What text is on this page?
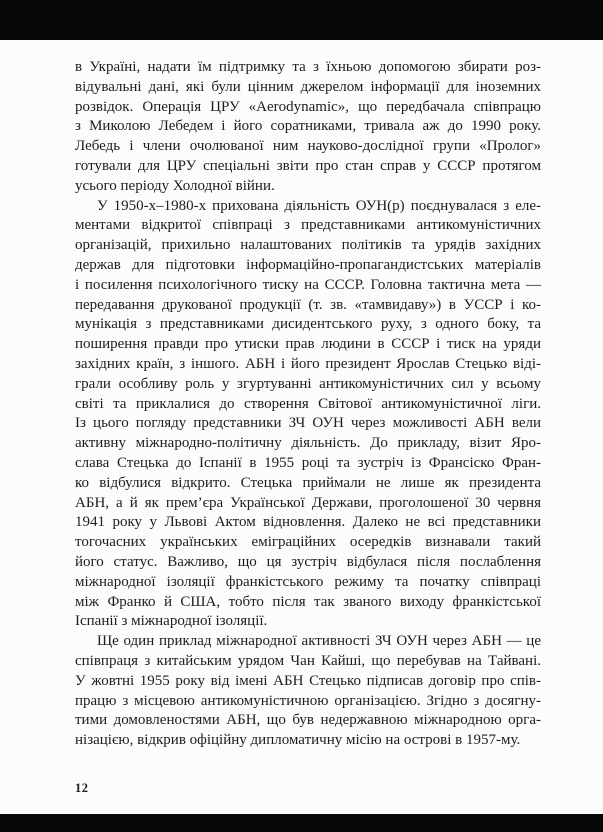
в Україні, надати їм підтримку та з їхньою допомогою збирати роз-
відувальні дані, які були цінним джерелом інформації для іноземних
розвідок. Операція ЦРУ «Aerodynamic», що передбачала співпрацю
з Миколою Лебедем і його соратниками, тривала аж до 1990 року.
Лебедь і члени очолюваної ним науково-дослідної групи «Пролог»
готували для ЦРУ спеціальні звіти про стан справ у СССР протягом
усього періоду Холодної війни.

У 1950-х–1980-х прихована діяльність ОУН(р) поєднувалася з еле-
ментами відкритої співпраці з представниками антикомуністичних
організацій, прихильно налаштованих політиків та урядів західних
держав для підготовки інформаційно-пропагандистських матеріалів
і посилення психологічного тиску на СССР. Головна тактична мета —
передавання друкованої продукції (т. зв. «тамвидаву») в УССР і ко-
мунікація з представниками дисидентського руху, з одного боку, та
поширення правди про утиски прав людини в СССР і тиск на уряди
західних країн, з іншого. АБН і його президент Ярослав Стецько віді-
грали особливу роль у згуртуванні антикомуністичних сил у всьому
світі та приклалися до створення Світової антикомуністичної ліги.
Із цього погляду представники ЗЧ ОУН через можливості АБН вели
активну міжнародно-політичну діяльність. До прикладу, візит Яро-
слава Стецька до Іспанії в 1955 році та зустріч із Франсіско Фран-
ко відбулися відкрито. Стецька приймали не лише як президента
АБН, а й як прем’єра Української Держави, проголошеної 30 червня
1941 року у Львові Актом відновлення. Далеко не всі представники
тогочасних українських еміграційних осередків визнавали такий
його статус. Важливо, що ця зустріч відбулася після послаблення
міжнародної ізоляції франкістського режиму та початку співпраці
між Франко й США, тобто після так званого виходу франкістської
Іспанії з міжнародної ізоляції.

Ще один приклад міжнародної активності ЗЧ ОУН через АБН — це
співпраця з китайським урядом Чан Кайші, що перебував на Тайвані.
У жовтні 1955 року від імені АБН Стецько підписав договір про спів-
працю з місцевою антикомуністичною організацією. Згідно з досягну-
тими домовленостями АБН, що був недержавною міжнародною орга-
нізацією, відкрив офіційну дипломатичну місію на острові в 1957-му.

12
